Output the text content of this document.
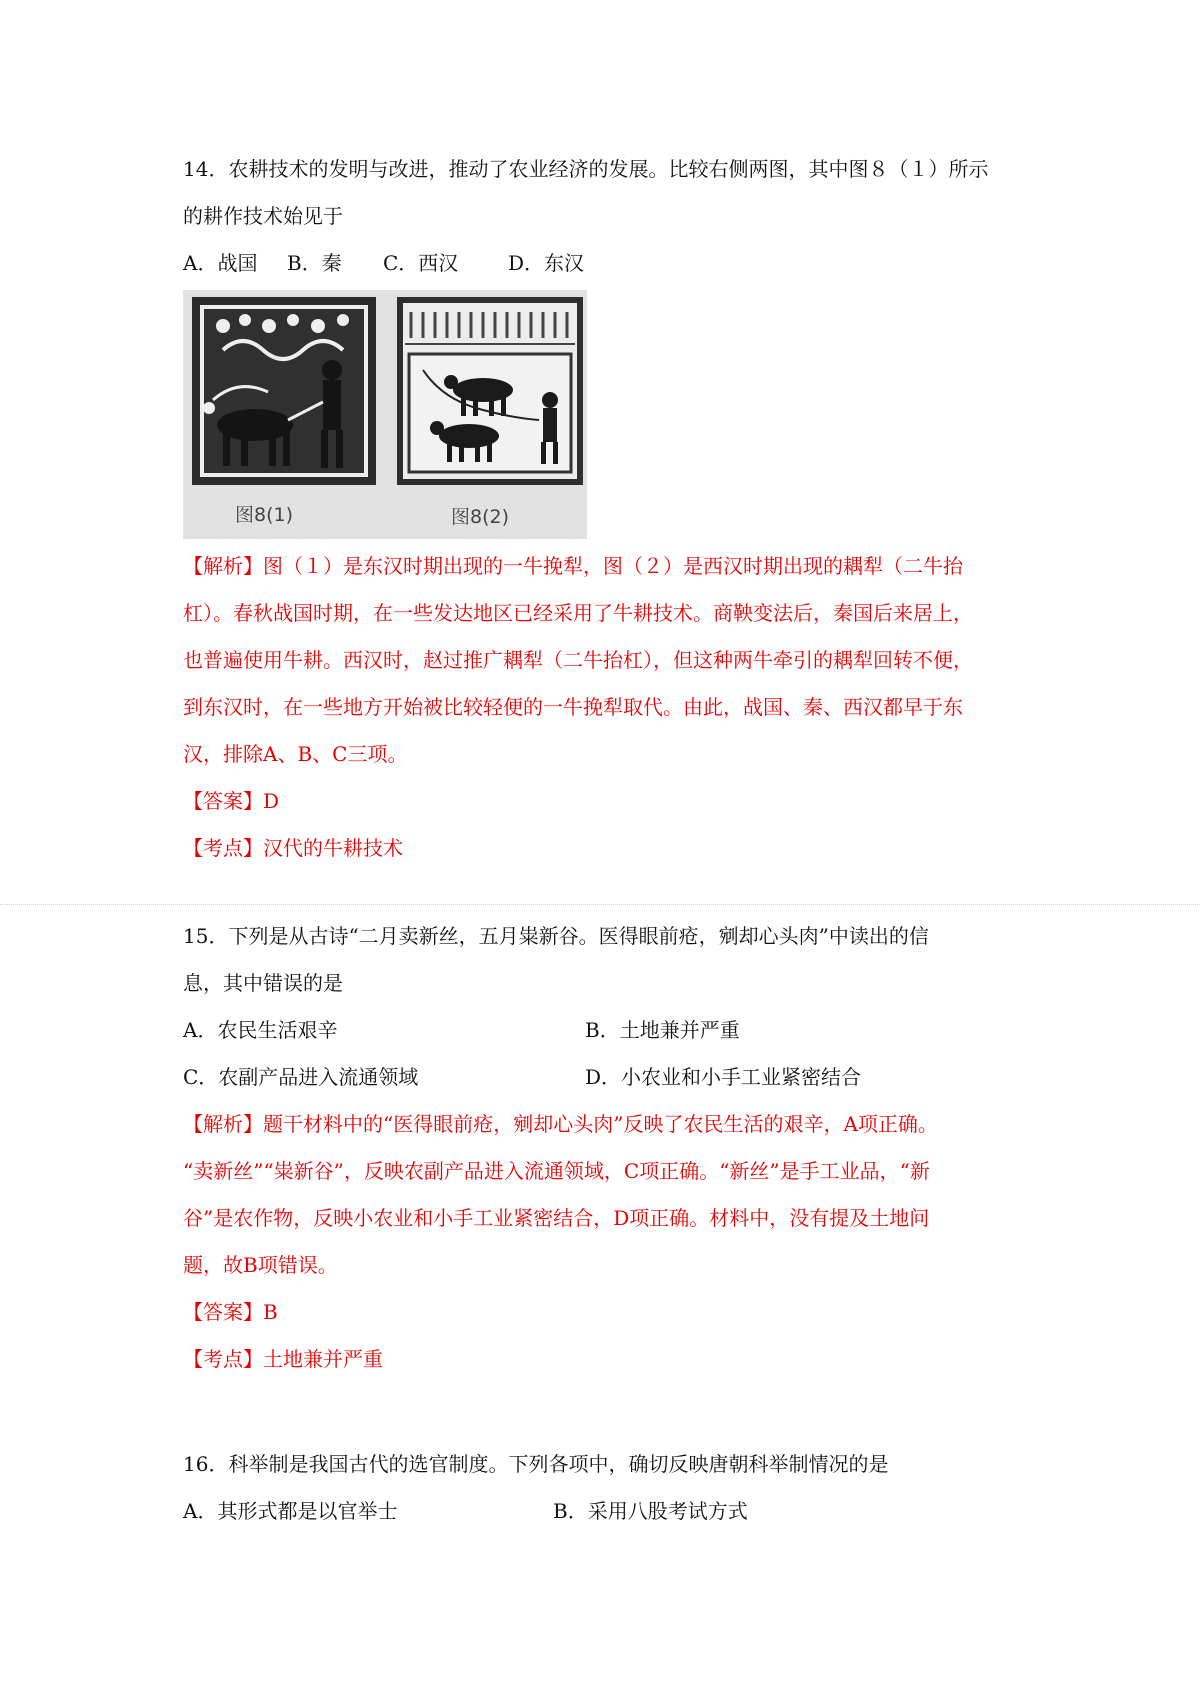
14．农耕技术的发明与改进，推动了农业经济的发展。比较右侧两图，其中图８（１）所示
的耕作技术始见于
A．战国	B．秦	C．西汉	D．东汉
图8(1)	图8(2)
【解析】图（１）是东汉时期出现的一牛挽犁，图（２）是西汉时期出现的耦犁（二牛抬
杠）。春秋战国时期，在一些发达地区已经采用了牛耕技术。商鞅变法后，秦国后来居上，
也普遍使用牛耕。西汉时，赵过推广耦犁（二牛抬杠），但这种两牛牵引的耦犁回转不便，
到东汉时，在一些地方开始被比较轻便的一牛挽犁取代。由此，战国、秦、西汉都早于东
汉，排除A、B、C三项。
【答案】D
【考点】汉代的牛耕技术
15．下列是从古诗“二月卖新丝，五月粜新谷。医得眼前疮，剜却心头肉”中读出的信
息，其中错误的是
A．农民生活艰辛	B．土地兼并严重
C．农副产品进入流通领域	D．小农业和小手工业紧密结合
【解析】题干材料中的“医得眼前疮，剜却心头肉”反映了农民生活的艰辛，A项正确。
“卖新丝”“粜新谷”，反映农副产品进入流通领域，C项正确。“新丝”是手工业品，“新
谷”是农作物，反映小农业和小手工业紧密结合，D项正确。材料中，没有提及土地问
题，故B项错误。
【答案】B
【考点】土地兼并严重
16．科举制是我国古代的选官制度。下列各项中，确切反映唐朝科举制情况的是
A．其形式都是以官举士	B．采用八股考试方式
